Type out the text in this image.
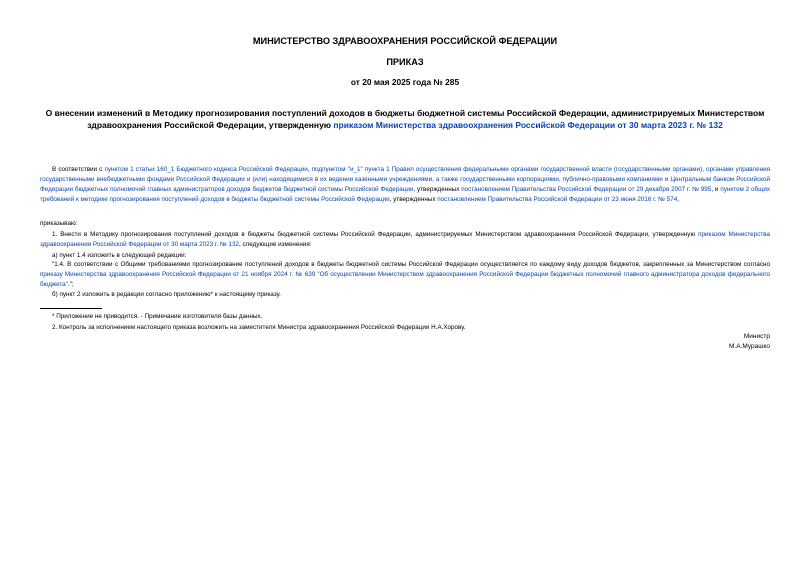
МИНИСТЕРСТВО ЗДРАВООХРАНЕНИЯ РОССИЙСКОЙ ФЕДЕРАЦИИ
ПРИКАЗ
от 20 мая 2025 года № 285
О внесении изменений в Методику прогнозирования поступлений доходов в бюджеты бюджетной системы Российской Федерации, администрируемых Министерством здравоохранения Российской Федерации, утвержденную приказом Министерства здравоохранения Российской Федерации от 30 марта 2023 г. № 132
В соответствии с пунктом 1 статьи 160_1 Бюджетного кодекса Российской Федерации, подпунктом "и_1" пункта 1 Правил осуществления федеральными органами государственной власти (государственными органами), органами управления государственными внебюджетными фондами Российской Федерации и (или) находящимися в их ведении казенными учреждениями, а также государственными корпорациями, публично-правовыми компаниями и Центральным банком Российской Федерации бюджетных полномочий главных администраторов доходов бюджетов бюджетной системы Российской Федерации, утвержденных постановлением Правительства Российской Федерации от 29 декабря 2007 г. № 995, и пунктом 2 общих требований к методике прогнозирования поступлений доходов в бюджеты бюджетной системы Российской Федерации, утвержденных постановлением Правительства Российской Федерации от 23 июня 2016 г. № 574,
приказываю:
1. Внести в Методику прогнозирования поступлений доходов в бюджеты бюджетной системы Российской Федерации, администрируемых Министерством здравоохранения Российской Федерации, утвержденную приказом Министерства здравоохранения Российской Федерации от 30 марта 2023 г. № 132, следующие изменения:
а) пункт 1.4 изложить в следующей редакции:
"1.4. В соответствии с Общими требованиями прогнозирование поступлений доходов в бюджеты бюджетной системы Российской Федерации осуществляется по каждому виду доходов бюджетов, закрепленных за Министерством согласно приказу Министерства здравоохранения Российской Федерации от 21 ноября 2024 г. № 639 "Об осуществлении Министерством здравоохранения Российской Федерации бюджетных полномочий главного администратора доходов федерального бюджета".";
б) пункт 2 изложить в редакции согласно приложению* к настоящему приказу.
* Приложение не приводится. - Примечание изготовителя базы данных.
2. Контроль за исполнением настоящего приказа возложить на заместителя Министра здравоохранения Российской Федерации Н.А.Хорову.
Министр
М.А.Мурашко
